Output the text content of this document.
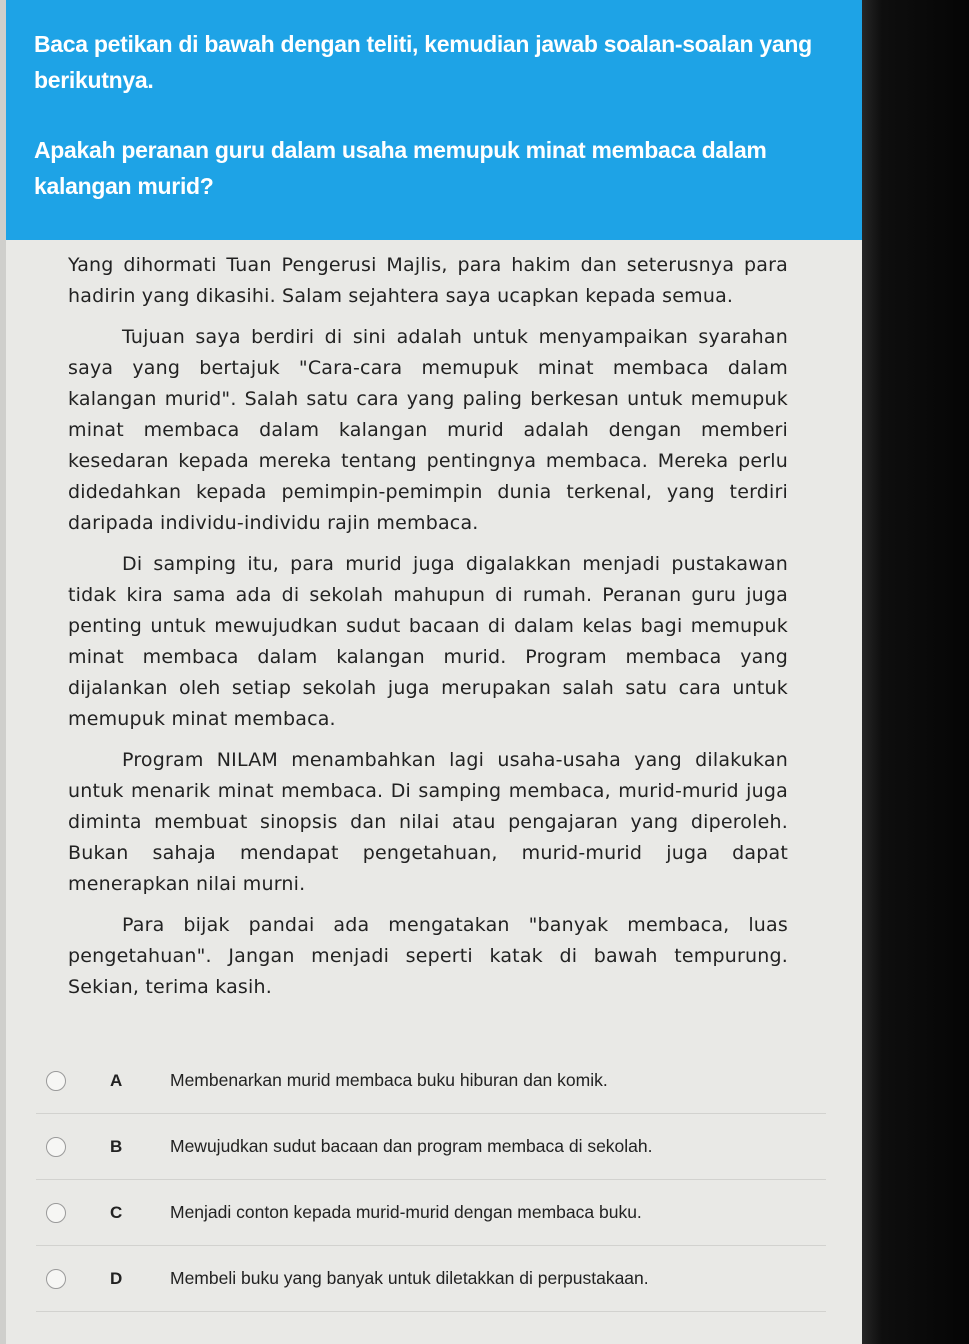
Baca petikan di bawah dengan teliti, kemudian jawab soalan-soalan yang berikutnya.

Apakah peranan guru dalam usaha memupuk minat membaca dalam kalangan murid?

Yang dihormati Tuan Pengerusi Majlis, para hakim dan seterusnya para hadirin yang dikasihi. Salam sejahtera saya ucapkan kepada semua.

Tujuan saya berdiri di sini adalah untuk menyampaikan syarahan saya yang bertajuk "Cara-cara memupuk minat membaca dalam kalangan murid". Salah satu cara yang paling berkesan untuk memupuk minat membaca dalam kalangan murid adalah dengan memberi kesedaran kepada mereka tentang pentingnya membaca. Mereka perlu didedahkan kepada pemimpin-pemimpin dunia terkenal, yang terdiri daripada individu-individu rajin membaca.

Di samping itu, para murid juga digalakkan menjadi pustakawan tidak kira sama ada di sekolah mahupun di rumah. Peranan guru juga penting untuk mewujudkan sudut bacaan di dalam kelas bagi memupuk minat membaca dalam kalangan murid. Program membaca yang dijalankan oleh setiap sekolah juga merupakan salah satu cara untuk memupuk minat membaca.

Program NILAM menambahkan lagi usaha-usaha yang dilakukan untuk menarik minat membaca. Di samping membaca, murid-murid juga diminta membuat sinopsis dan nilai atau pengajaran yang diperoleh. Bukan sahaja mendapat pengetahuan, murid-murid juga dapat menerapkan nilai murni.

Para bijak pandai ada mengatakan "banyak membaca, luas pengetahuan". Jangan menjadi seperti katak di bawah tempurung. Sekian, terima kasih.

A	Membenarkan murid membaca buku hiburan dan komik.
B	Mewujudkan sudut bacaan dan program membaca di sekolah.
C	Menjadi conton kepada murid-murid dengan membaca buku.
D	Membeli buku yang banyak untuk diletakkan di perpustakaan.
